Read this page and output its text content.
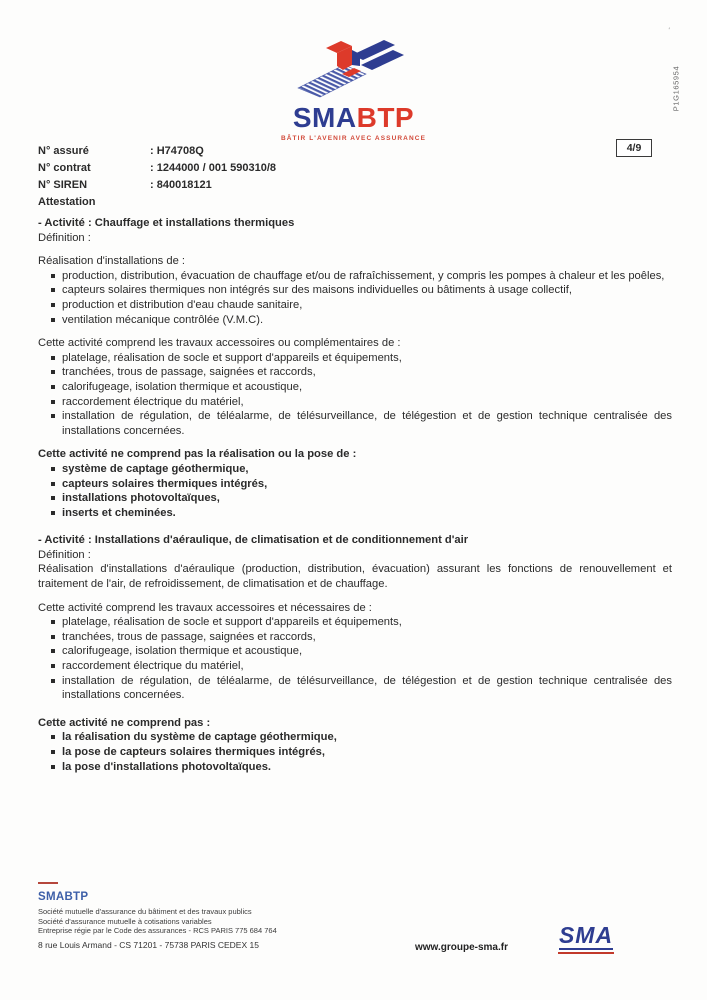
'
P1G165954
SMABTP
BÂTIR L'AVENIR AVEC ASSURANCE
4/9
N° assuré	: H74708Q
N° contrat	: 1244000 / 001 590310/8
N° SIREN	: 840018121
Attestation

- Activité : Chauffage et installations thermiques

Définition :

Réalisation d'installations de :

production, distribution, évacuation de chauffage et/ou de rafraîchissement, y compris les pompes à chaleur et les poêles,
capteurs solaires thermiques non intégrés sur des maisons individuelles ou bâtiments à usage collectif,
production et distribution d'eau chaude sanitaire,
ventilation mécanique contrôlée (V.M.C).

Cette activité comprend les travaux accessoires ou complémentaires de :

platelage, réalisation de socle et support d'appareils et équipements,
tranchées, trous de passage, saignées et raccords,
calorifugeage, isolation thermique et acoustique,
raccordement électrique du matériel,
installation de régulation, de téléalarme, de télésurveillance, de télégestion et de gestion technique centralisée des installations concernées.

Cette activité ne comprend pas la réalisation ou la pose de :

système de captage géothermique,
capteurs solaires thermiques intégrés,
installations photovoltaïques,
inserts et cheminées.

- Activité : Installations d'aéraulique, de climatisation et de conditionnement d'air

Définition :

Réalisation d'installations d'aéraulique (production, distribution, évacuation) assurant les fonctions de renouvellement et traitement de l'air, de refroidissement, de climatisation et de chauffage.

Cette activité comprend les travaux accessoires et nécessaires de :

platelage, réalisation de socle et support d'appareils et équipements,
tranchées, trous de passage, saignées et raccords,
calorifugeage, isolation thermique et acoustique,
raccordement électrique du matériel,
installation de régulation, de téléalarme, de télésurveillance, de télégestion et de gestion technique centralisée des installations concernées.

Cette activité ne comprend pas :

la réalisation du système de captage géothermique,
la pose de capteurs solaires thermiques intégrés,
la pose d'installations photovoltaïques.
SMABTP
Société mutuelle d'assurance du bâtiment et des travaux publics
Société d'assurance mutuelle à cotisations variables
Entreprise régie par le Code des assurances - RCS PARIS 775 684 764
8 rue Louis Armand - CS 71201 - 75738 PARIS CEDEX 15	www.groupe-sma.fr SMA
